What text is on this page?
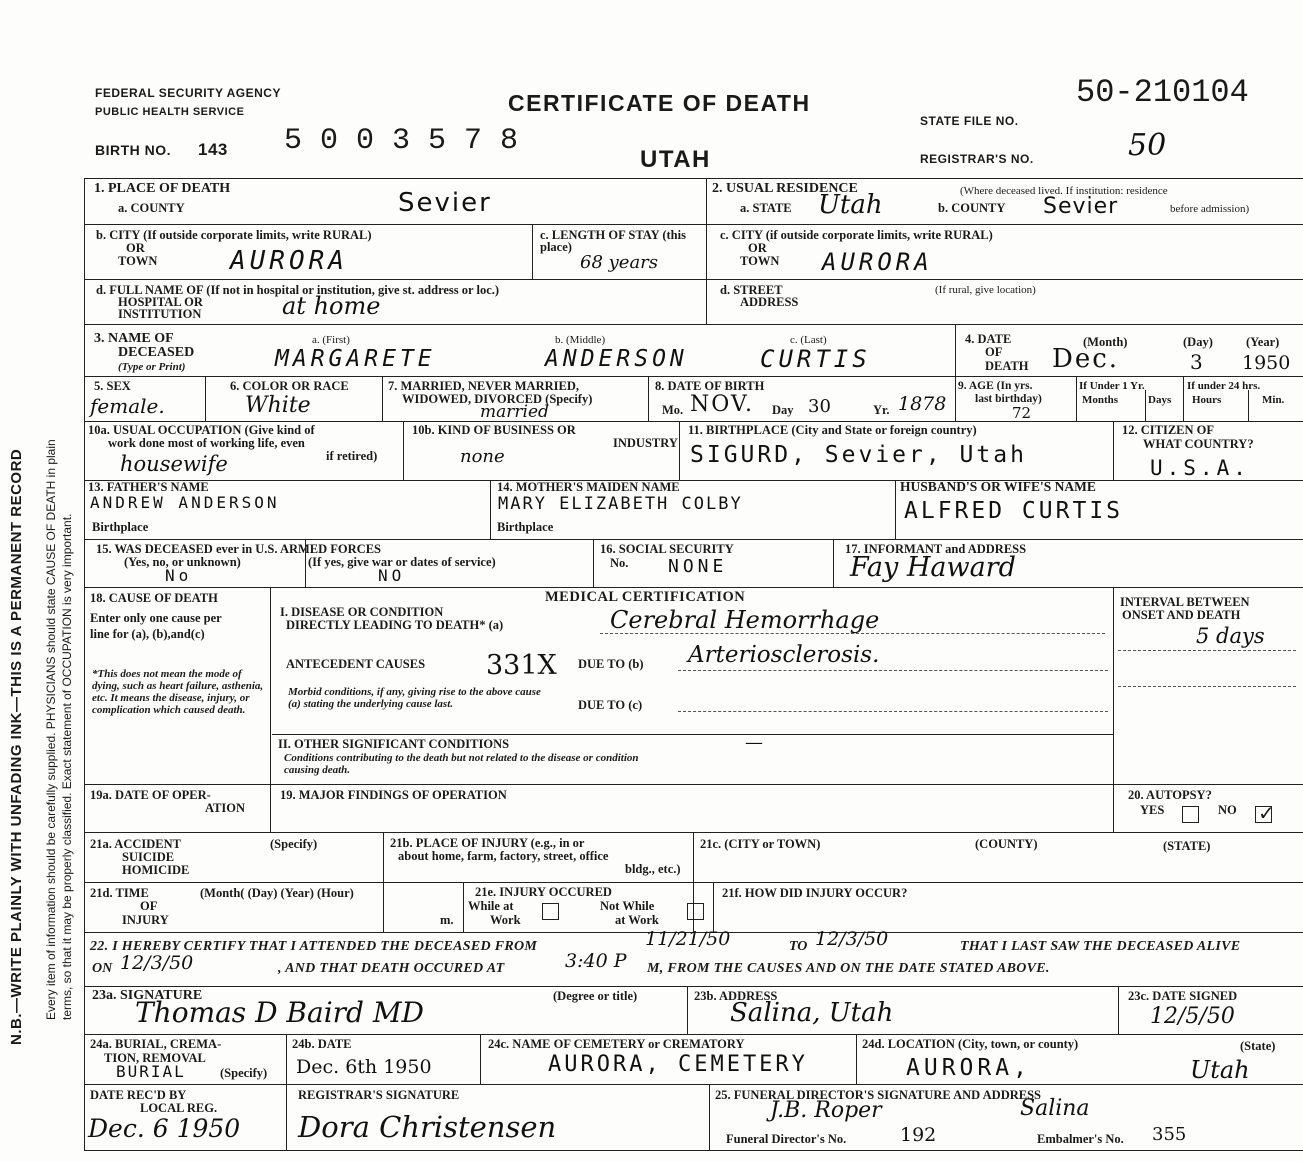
N.B.—WRITE PLAINLY WITH UNFADING INK—THIS IS A PERMANENT RECORD Every item of information should be carefully supplied. PHYSICIANS should state CAUSE OF DEATH in plain terms, so that it may be properly classified. Exact statement of OCCUPATION is very important.
FEDERAL SECURITY AGENCY
PUBLIC HEALTH SERVICE	CERTIFICATE OF DEATH
BIRTH NO. 143 5 0 0 3 5 7 8
UTAH
STATE FILE NO.
50-210104
REGISTRAR'S NO.	50
1. PLACE OF DEATH
a. COUNTY	Sevier	2. USUAL RESIDENCE	(Where deceased lived. If institution: residence
before admission)
a. STATE Utah	b. COUNTY Sevier
b. CITY (If outside corporate limits, write RURAL)
OR
TOWN	AURORA
c. LENGTH OF STAY (this place)
68 years
c. CITY (if outside corporate limits, write RURAL)
OR
TOWN AURORA
d. FULL NAME OF (If not in hospital or institution, give st. address or loc.)
HOSPITAL OR
INSTITUTION	at home
d. STREET
ADDRESS
(If rural, give location)
3. NAME OF
DECEASED
(Type or Print)
a. (First)	b. (Middle)	c. (Last)
MARGARETE	ANDERSON	CURTIS
4. DATE
OF
DEATH
(Month)	(Day)	(Year)
Dec.	3 1950
5. SEX
female.
6. COLOR OR RACE
White
7. MARRIED, NEVER MARRIED,
WIDOWED, DIVORCED (Specify)
married
8. DATE OF BIRTH
Mo. NOV. Day 30	Yr. 1878
9. AGE (In yrs.
last birthday)
72
If Under 1 Yr.
Months	Days
If under 24 hrs.
Hours	Min.
10a. USUAL OCCUPATION (Give kind of
work done most of working life, even
if retired)
housewife
10b. KIND OF BUSINESS OR
INDUSTRY
none
11. BIRTHPLACE (City and State or foreign country)
SIGURD, Sevier, Utah
12. CITIZEN OF
WHAT COUNTRY?
U.S.A.
13. FATHER'S NAME
ANDREW ANDERSON
Birthplace
14. MOTHER'S MAIDEN NAME
MARY ELIZABETH COLBY
Birthplace
HUSBAND'S OR WIFE'S NAME
ALFRED CURTIS
15. WAS DECEASED ever in U.S. ARMED FORCES
(Yes, no, or unknown)	(If yes, give war or dates of service)
No	NO
16. SOCIAL SECURITY
No. NONE
17. INFORMANT and ADDRESS
Fay Haward
MEDICAL CERTIFICATION
18. CAUSE OF DEATH
Enter only one cause per
line for (a), (b),and(c)
*This does not mean the mode of dying, such as heart failure, asthenia, etc. It means the disease, injury, or complication which caused death.
I. DISEASE OR CONDITION
DIRECTLY LEADING TO DEATH* (a)	Cerebral Hemorrhage
ANTECEDENT CAUSES 331X DUE TO (b) Arteriosclerosis.
Morbid conditions, if any, giving rise to the above cause (a) stating the underlying cause last.	DUE TO (c)
II. OTHER SIGNIFICANT CONDITIONS
Conditions contributing to the death but not related to the disease or condition causing death.
—
INTERVAL BETWEEN
ONSET AND DEATH
5 days
19a. DATE OF OPER-
ATION
19. MAJOR FINDINGS OF OPERATION	20. AUTOPSY?
YES	NO ✓
21a. ACCIDENT
SUICIDE
HOMICIDE
(Specify)	21b. PLACE OF INJURY (e.g., in or
about home, farm, factory, street, office
bldg., etc.)
21c. (CITY or TOWN)	(COUNTY)	(STATE)
21d. TIME
OF
INJURY
(Month( (Day) (Year) (Hour)
m.
21e. INJURY OCCURED
While at
Work
Not While
at Work
21f. HOW DID INJURY OCCUR?
22. I HEREBY CERTIFY THAT I ATTENDED THE DECEASED FROM	11/21/50	TO 12/3/50	THAT I LAST SAW THE DECEASED ALIVE
ON 12/3/50	, AND THAT DEATH OCCURED AT	3:40 P M, FROM THE CAUSES AND ON THE DATE STATED ABOVE.
23a. SIGNATURE	(Degree or title)
Thomas D Baird MD	23b. ADDRESS
Salina, Utah
23c. DATE SIGNED
12/5/50
24a. BURIAL, CREMA-
TION, REMOVAL
(Specify)
BURIAL
24b. DATE
Dec. 6th 1950
24c. NAME OF CEMETERY or CREMATORY
AURORA, CEMETERY
24d. LOCATION (City, town, or county)	(State)
AURORA,	Utah
DATE REC'D BY
LOCAL REG.
Dec. 6 1950
REGISTRAR'S SIGNATURE
Dora Christensen
25. FUNERAL DIRECTOR'S SIGNATURE AND ADDRESS
J.B. Roper	Salina
Funeral Director's No.	192	Embalmer's No. 355
